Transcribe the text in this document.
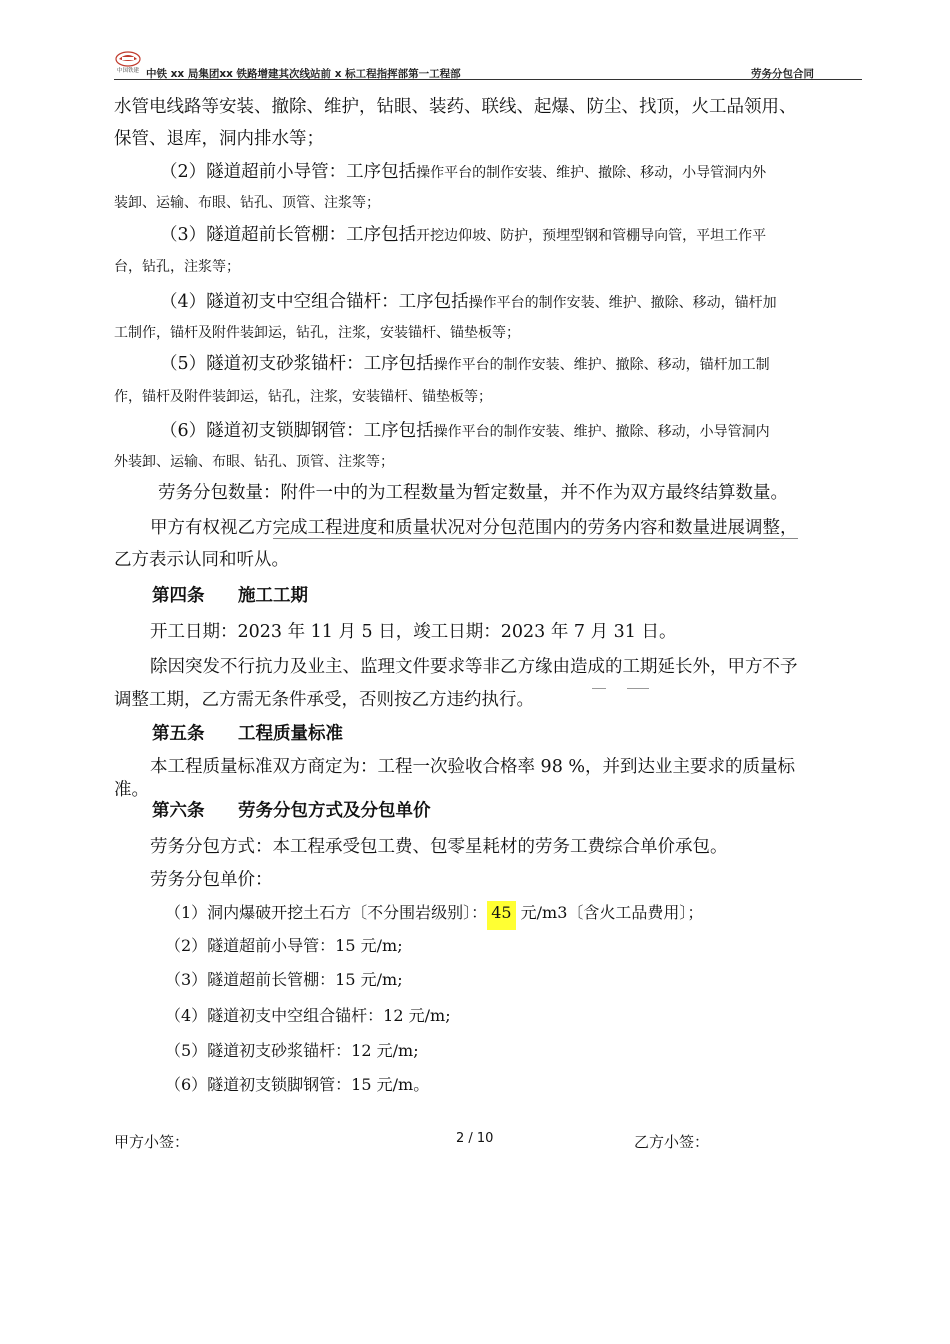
中国铁建 中铁 xx 局集团xx 铁路增建其次线站前 x 标工程指挥部第一工程部	劳务分包合同
水管电线路等安装、撤除、维护，钻眼、装药、联线、起爆、防尘、找顶，火工品领用、
保管、退库，洞内排水等；
（2）隧道超前小导管：工序包括操作平台的制作安装、维护、撤除、移动，小导管洞内外
装卸、运输、布眼、钻孔、顶管、注浆等；
（3）隧道超前长管棚：工序包括开挖边仰坡、防护，预埋型钢和管棚导向管，平坦工作平
台，钻孔，注浆等；
（4）隧道初支中空组合锚杆：工序包括操作平台的制作安装、维护、撤除、移动，锚杆加
工制作，锚杆及附件装卸运，钻孔，注浆，安装锚杆、锚垫板等；
（5）隧道初支砂浆锚杆：工序包括操作平台的制作安装、维护、撤除、移动，锚杆加工制
作，锚杆及附件装卸运，钻孔，注浆，安装锚杆、锚垫板等；
（6）隧道初支锁脚钢管：工序包括操作平台的制作安装、维护、撤除、移动，小导管洞内
外装卸、运输、布眼、钻孔、顶管、注浆等；
劳务分包数量：附件一中的为工程数量为暂定数量，并不作为双方最终结算数量。
甲方有权视乙方完成工程进度和质量状况对分包范围内的劳务内容和数量进展调整，
乙方表示认同和听从。
第四条 施工工期
开工日期：2023 年 11 月 5 日，竣工日期：2023 年 7 月 31 日。
除因突发不行抗力及业主、监理文件要求等非乙方缘由造成的工期延长外，甲方不予
调整工期，乙方需无条件承受，否则按乙方违约执行。
第五条 工程质量标准
本工程质量标准双方商定为：工程一次验收合格率 98 %，并到达业主要求的质量标
准。
第六条 劳务分包方式及分包单价
劳务分包方式：本工程承受包工费、包零星耗材的劳务工费综合单价承包。
劳务分包单价：
（1）洞内爆破开挖土石方〔不分围岩级别〕： 45 元/m3〔含火工品费用〕；
（2）隧道超前小导管：15 元/m;
（3）隧道超前长管棚：15 元/m;
（4）隧道初支中空组合锚杆：12 元/m;
（5）隧道初支砂浆锚杆：12 元/m;
（6）隧道初支锁脚钢管：15 元/m。
甲方小签：	2 / 10	乙方小签：
